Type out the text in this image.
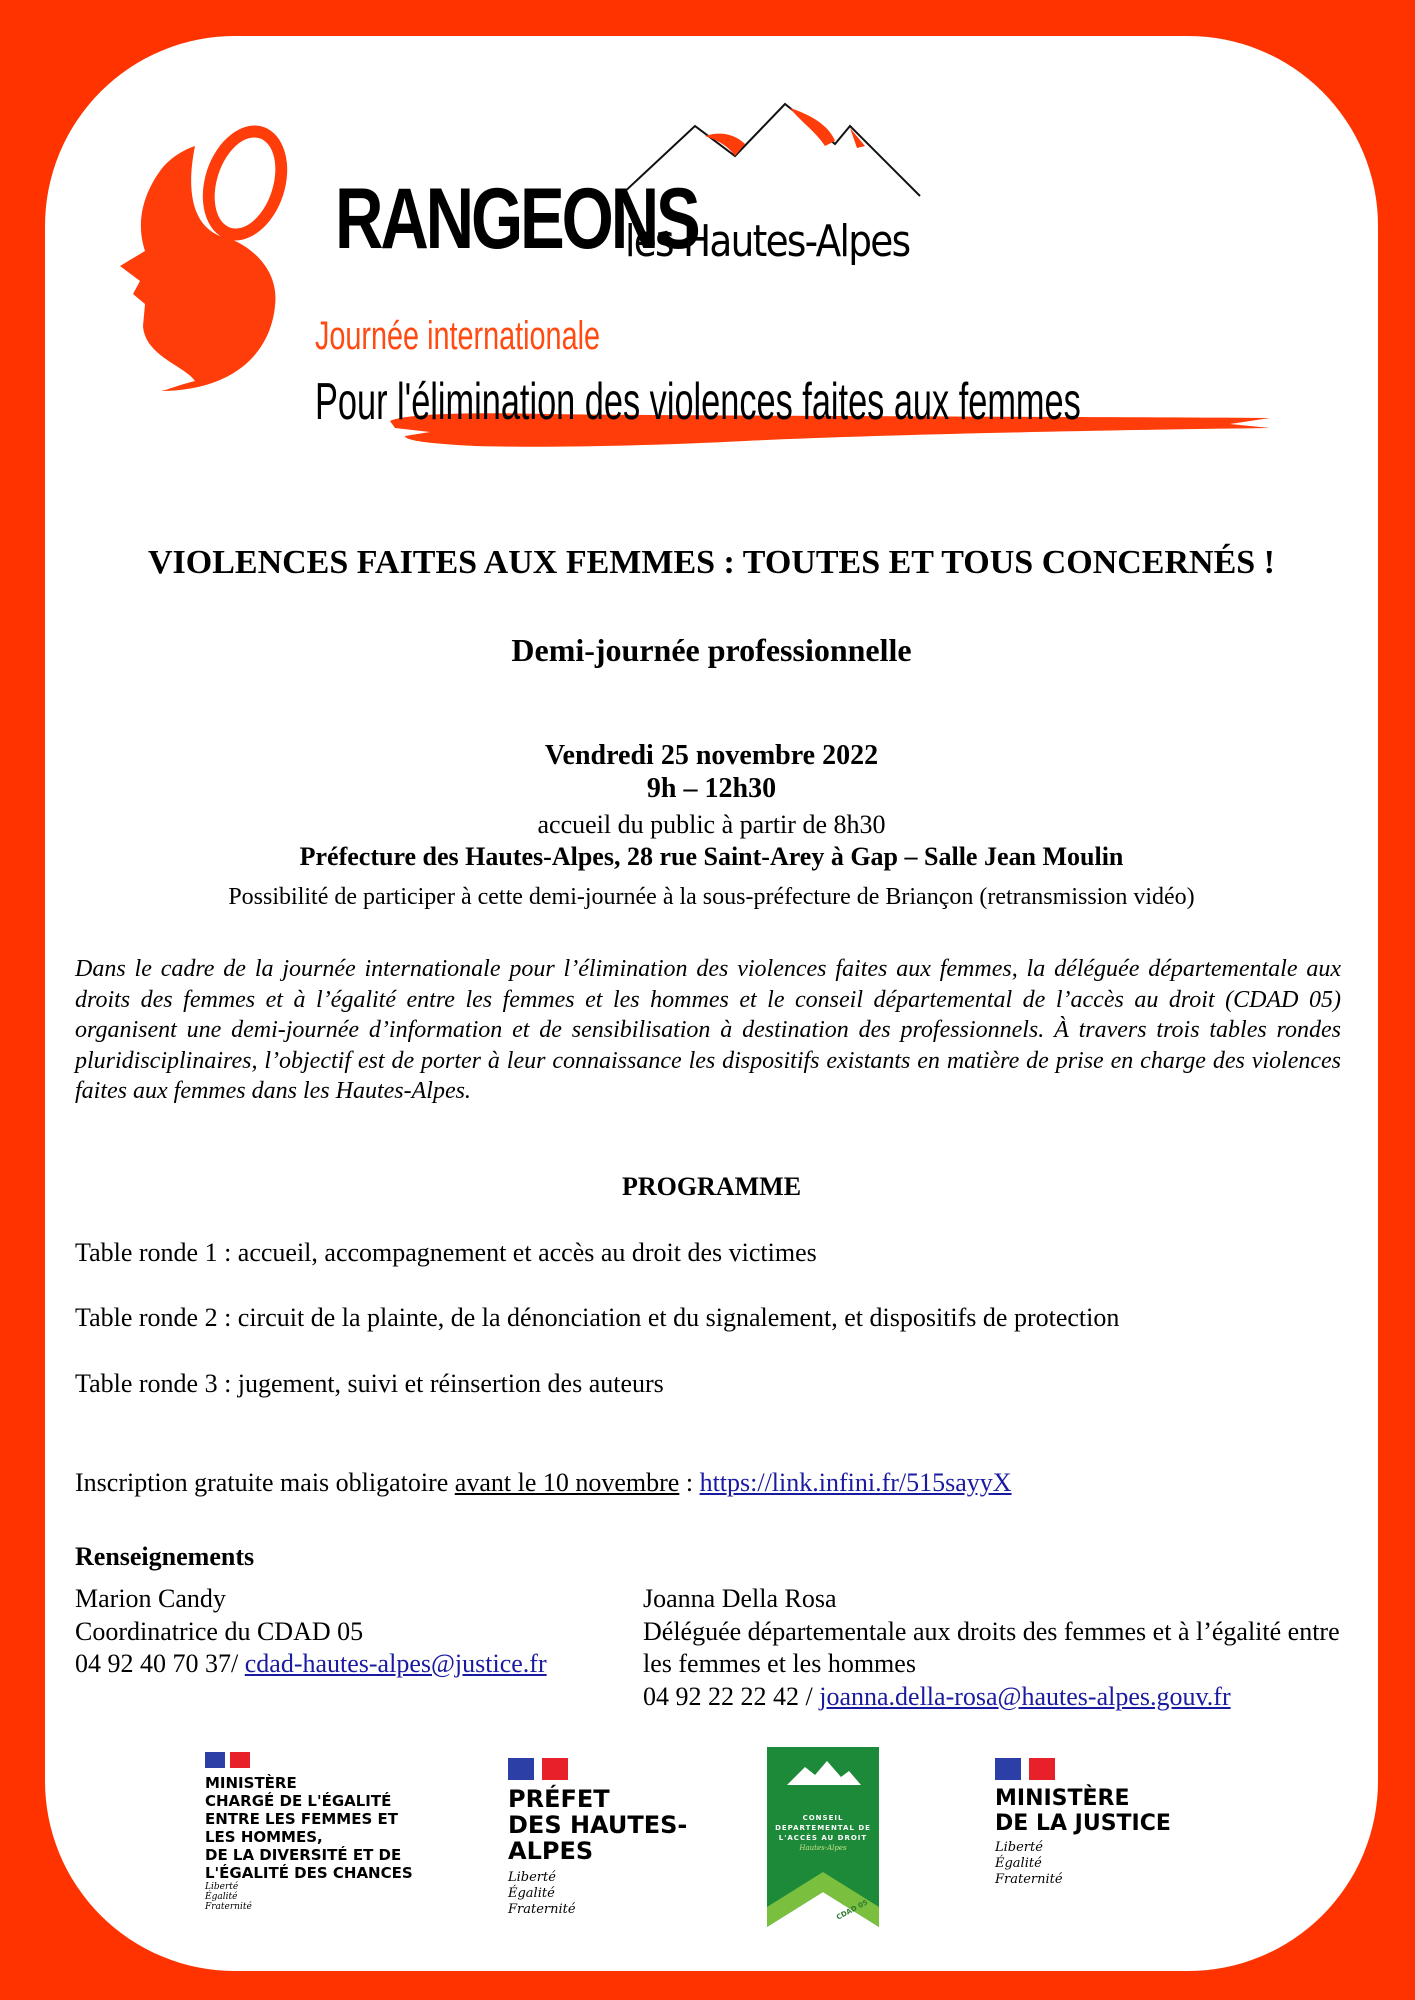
RANGEONS
les Hautes-Alpes
Journée internationale
Pour l'élimination des violences faites aux femmes
VIOLENCES FAITES AUX FEMMES : TOUTES ET TOUS CONCERNÉS !
Demi-journée professionnelle
Vendredi 25 novembre 2022
9h – 12h30
accueil du public à partir de 8h30
Préfecture des Hautes-Alpes, 28 rue Saint-Arey à Gap – Salle Jean Moulin
Possibilité de participer à cette demi-journée à la sous-préfecture de Briançon (retransmission vidéo)
Dans le cadre de la journée internationale pour l’élimination des violences faites aux femmes, la déléguée départementale aux droits des femmes et à l’égalité entre les femmes et les hommes et le conseil départemental de l’accès au droit (CDAD 05) organisent une demi-journée d’information et de sensibilisation à destination des professionnels. À travers trois tables rondes pluridisciplinaires, l’objectif est de porter à leur connaissance les dispositifs existants en matière de prise en charge des violences faites aux femmes dans les Hautes-Alpes.
PROGRAMME
Table ronde 1 : accueil, accompagnement et accès au droit des victimes
Table ronde 2 : circuit de la plainte, de la dénonciation et du signalement, et dispositifs de protection
Table ronde 3 : jugement, suivi et réinsertion des auteurs
Inscription gratuite mais obligatoire avant le 10 novembre : https://link.infini.fr/515sayyX
Renseignements
Marion Candy
Coordinatrice du CDAD 05
04 92 40 70 37/ cdad-hautes-alpes@justice.fr
Joanna Della Rosa
Déléguée départementale aux droits des femmes et à l’égalité entre les femmes et les hommes
04 92 22 22 42 / joanna.della-rosa@hautes-alpes.gouv.fr
MINISTÈRE
CHARGÉ DE L'ÉGALITÉ
ENTRE LES FEMMES ET
LES HOMMES,
DE LA DIVERSITÉ ET DE
L'ÉGALITÉ DES CHANCES
Liberté
Égalité
Fraternité
PRÉFET
DES HAUTES-
ALPES
Liberté
Égalité
Fraternité
CONSEIL
DEPARTEMENTAL DE
L'ACCÈS AU DROIT
Hautes-Alpes
CDAD 05
MINISTÈRE
DE LA JUSTICE
Liberté
Égalité
Fraternité
